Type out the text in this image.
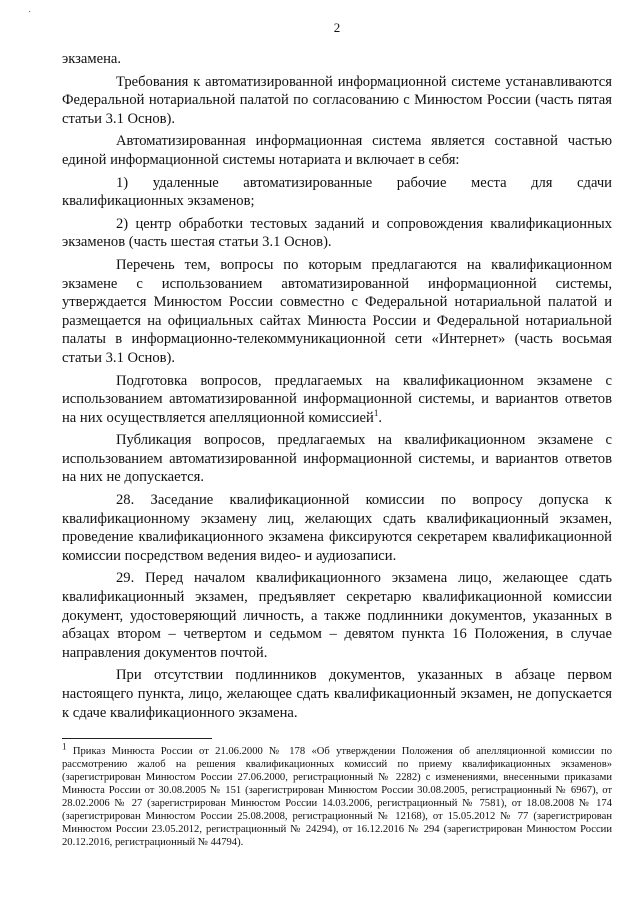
˙
2

экзамена.

Требования к автоматизированной информационной системе устанавливаются Федеральной нотариальной палатой по согласованию с Минюстом России (часть пятая статьи 3.1 Основ).

Автоматизированная информационная система является составной частью единой информационной системы нотариата и включает в себя:

1) удаленные автоматизированные рабочие места для сдачи квалификационных экзаменов;

2) центр обработки тестовых заданий и сопровождения квалификационных экзаменов (часть шестая статьи 3.1 Основ).

Перечень тем, вопросы по которым предлагаются на квалификационном экзамене с использованием автоматизированной информационной системы, утверждается Минюстом России совместно с Федеральной нотариальной палатой и размещается на официальных сайтах Минюста России и Федеральной нотариальной палаты в информационно-телекоммуникационной сети «Интернет» (часть восьмая статьи 3.1 Основ).

Подготовка вопросов, предлагаемых на квалификационном экзамене с использованием автоматизированной информационной системы, и вариантов ответов на них осуществляется апелляционной комиссией$^1$.

Публикация вопросов, предлагаемых на квалификационном экзамене с использованием автоматизированной информационной системы, и вариантов ответов на них не допускается.

28. Заседание квалификационной комиссии по вопросу допуска к квалификационному экзамену лиц, желающих сдать квалификационный экзамен, проведение квалификационного экзамена фиксируются секретарем квалификационной комиссии посредством ведения видео- и аудиозаписи.

29. Перед началом квалификационного экзамена лицо, желающее сдать квалификационный экзамен, предъявляет секретарю квалификационной комиссии документ, удостоверяющий личность, а также подлинники документов, указанных в абзацах втором – четвертом и седьмом – девятом пункта 16 Положения, в случае направления документов почтой.

При отсутствии подлинников документов, указанных в абзаце первом настоящего пункта, лицо, желающее сдать квалификационный экзамен, не допускается к сдаче квалификационного экзамена.

$^1$ Приказ Минюста России от 21.06.2000 № 178 «Об утверждении Положения об апелляционной комиссии по рассмотрению жалоб на решения квалификационных комиссий по приему квалификационных экзаменов» (зарегистрирован Минюстом России 27.06.2000, регистрационный № 2282) с изменениями, внесенными приказами Минюста России от 30.08.2005 № 151 (зарегистрирован Минюстом России 30.08.2005, регистрационный № 6967), от 28.02.2006 № 27 (зарегистрирован Минюстом России 14.03.2006, регистрационный № 7581), от 18.08.2008 № 174 (зарегистрирован Минюстом России 25.08.2008, регистрационный № 12168), от 15.05.2012 № 77 (зарегистрирован Минюстом России 23.05.2012, регистрационный № 24294), от 16.12.2016 № 294 (зарегистрирован Минюстом России 20.12.2016, регистрационный № 44794).
